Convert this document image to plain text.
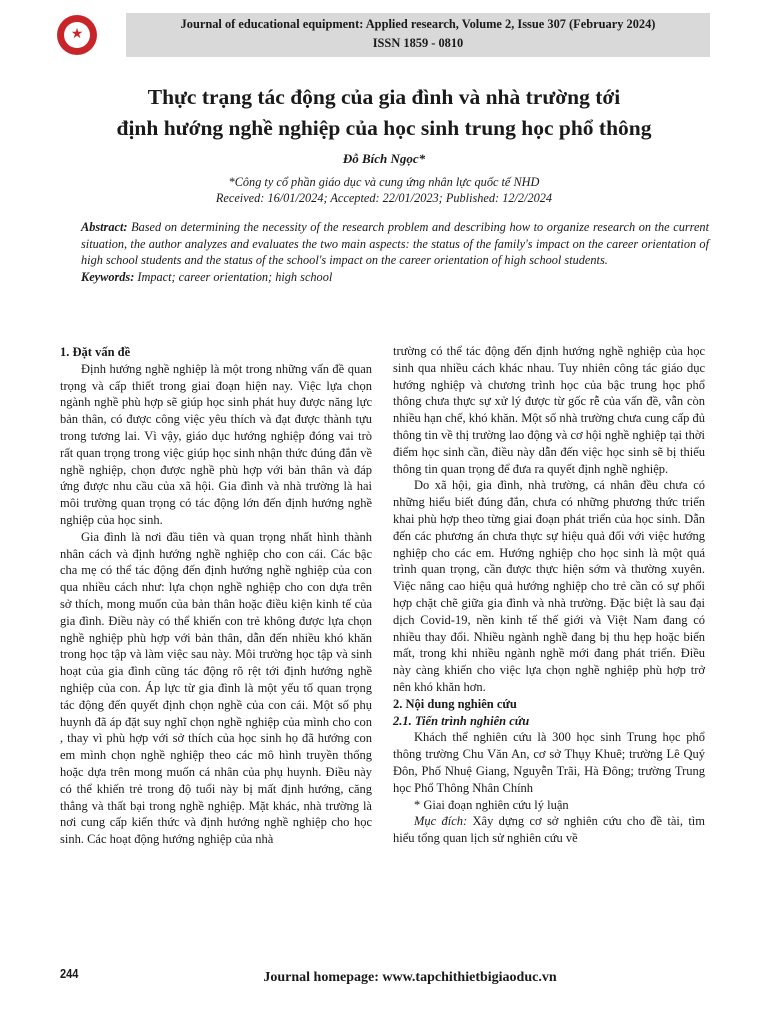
★
Journal of educational equipment: Applied research, Volume 2, Issue 307 (February 2024)
ISSN 1859 - 0810
Thực trạng tác động của gia đình và nhà trường tới
định hướng nghề nghiệp của học sinh trung học phổ thông
Đỗ Bích Ngọc*
*Công ty cổ phần giáo dục và cung ứng nhân lực quốc tế NHD
Received: 16/01/2024; Accepted: 22/01/2023; Published: 12/2/2024

Abstract: Based on determining the necessity of the research problem and describing how to organize research on the current situation, the author analyzes and evaluates the two main aspects: the status of the family's impact on the career orientation of high school students and the status of the school's impact on the career orientation of high school students.

Keywords: Impact; career orientation; high school

1. Đặt vấn đề

Định hướng nghề nghiệp là một trong những vấn đề quan trọng và cấp thiết trong giai đoạn hiện nay. Việc lựa chọn ngành nghề phù hợp sẽ giúp học sinh phát huy được năng lực bản thân, có được công việc yêu thích và đạt được thành tựu trong tương lai. Vì vậy, giáo dục hướng nghiệp đóng vai trò rất quan trọng trong việc giúp học sinh nhận thức đúng đắn về nghề nghiệp, chọn được nghề phù hợp với bản thân và đáp ứng được nhu cầu của xã hội. Gia đình và nhà trường là hai môi trường quan trọng có tác động lớn đến định hướng nghề nghiệp của học sinh.

Gia đình là nơi đầu tiên và quan trọng nhất hình thành nhân cách và định hướng nghề nghiệp cho con cái. Các bậc cha mẹ có thể tác động đến định hướng nghề nghiệp của con qua nhiều cách như: lựa chọn nghề nghiệp cho con dựa trên sở thích, mong muốn của bản thân hoặc điều kiện kinh tế của gia đình. Điều này có thể khiến con trẻ không được lựa chọn nghề nghiệp phù hợp với bản thân, dẫn đến nhiều khó khăn trong học tập và làm việc sau này. Môi trường học tập và sinh hoạt của gia đình cũng tác động rõ rệt tới định hướng nghề nghiệp của con. Áp lực từ gia đình là một yếu tố quan trọng tác động đến quyết định chọn nghề của con cái. Một số phụ huynh đã áp đặt suy nghĩ chọn nghề nghiệp của mình cho con , thay vì phù hợp với sở thích của học sinh họ đã hướng con em mình chọn nghề nghiệp theo các mô hình truyền thống hoặc dựa trên mong muốn cá nhân của phụ huynh. Điều này có thể khiến trẻ trong độ tuổi này bị mất định hướng, căng thẳng và thất bại trong nghề nghiệp. Mặt khác, nhà trường là nơi cung cấp kiến thức và định hướng nghề nghiệp cho học sinh. Các hoạt động hướng nghiệp của nhà

trường có thể tác động đến định hướng nghề nghiệp của học sinh qua nhiều cách khác nhau. Tuy nhiên công tác giáo dục hướng nghiệp và chương trình học của bậc trung học phổ thông chưa thực sự xử lý được từ gốc rễ của vấn đề, vẫn còn nhiều hạn chế, khó khăn. Một số nhà trường chưa cung cấp đủ thông tin về thị trường lao động và cơ hội nghề nghiệp tại thời điểm học sinh cần, điều này dẫn đến việc học sinh sẽ bị thiếu thông tin quan trọng để đưa ra quyết định nghề nghiệp.

Do xã hội, gia đình, nhà trường, cá nhân đều chưa có những hiểu biết đúng đắn, chưa có những phương thức triển khai phù hợp theo từng giai đoạn phát triển của học sinh. Dẫn đến các phương án chưa thực sự hiệu quả đối với việc hướng nghiệp cho các em. Hướng nghiệp cho học sinh là một quá trình quan trọng, cần được thực hiện sớm và thường xuyên. Việc nâng cao hiệu quả hướng nghiệp cho trẻ cần có sự phối hợp chặt chẽ giữa gia đình và nhà trường. Đặc biệt là sau đại dịch Covid-19, nền kinh tế thế giới và Việt Nam đang có nhiều thay đổi. Nhiều ngành nghề đang bị thu hẹp hoặc biến mất, trong khi nhiều ngành nghề mới đang phát triển. Điều này càng khiến cho việc lựa chọn nghề nghiệp phù hợp trở nên khó khăn hơn.

2. Nội dung nghiên cứu
2.1. Tiến trình nghiên cứu

Khách thể nghiên cứu là 300 học sinh Trung học phổ thông trường Chu Văn An, cơ sở Thụy Khuê; trường Lê Quý Đôn, Phố Nhuệ Giang, Nguyễn Trãi, Hà Đông; trường Trung học Phổ Thông Nhân Chính

* Giai đoạn nghiên cứu lý luận

Mục đích: Xây dựng cơ sở nghiên cứu cho đề tài, tìm hiểu tổng quan lịch sử nghiên cứu về

244	Journal homepage: www.tapchithietbigiaoduc.vn
